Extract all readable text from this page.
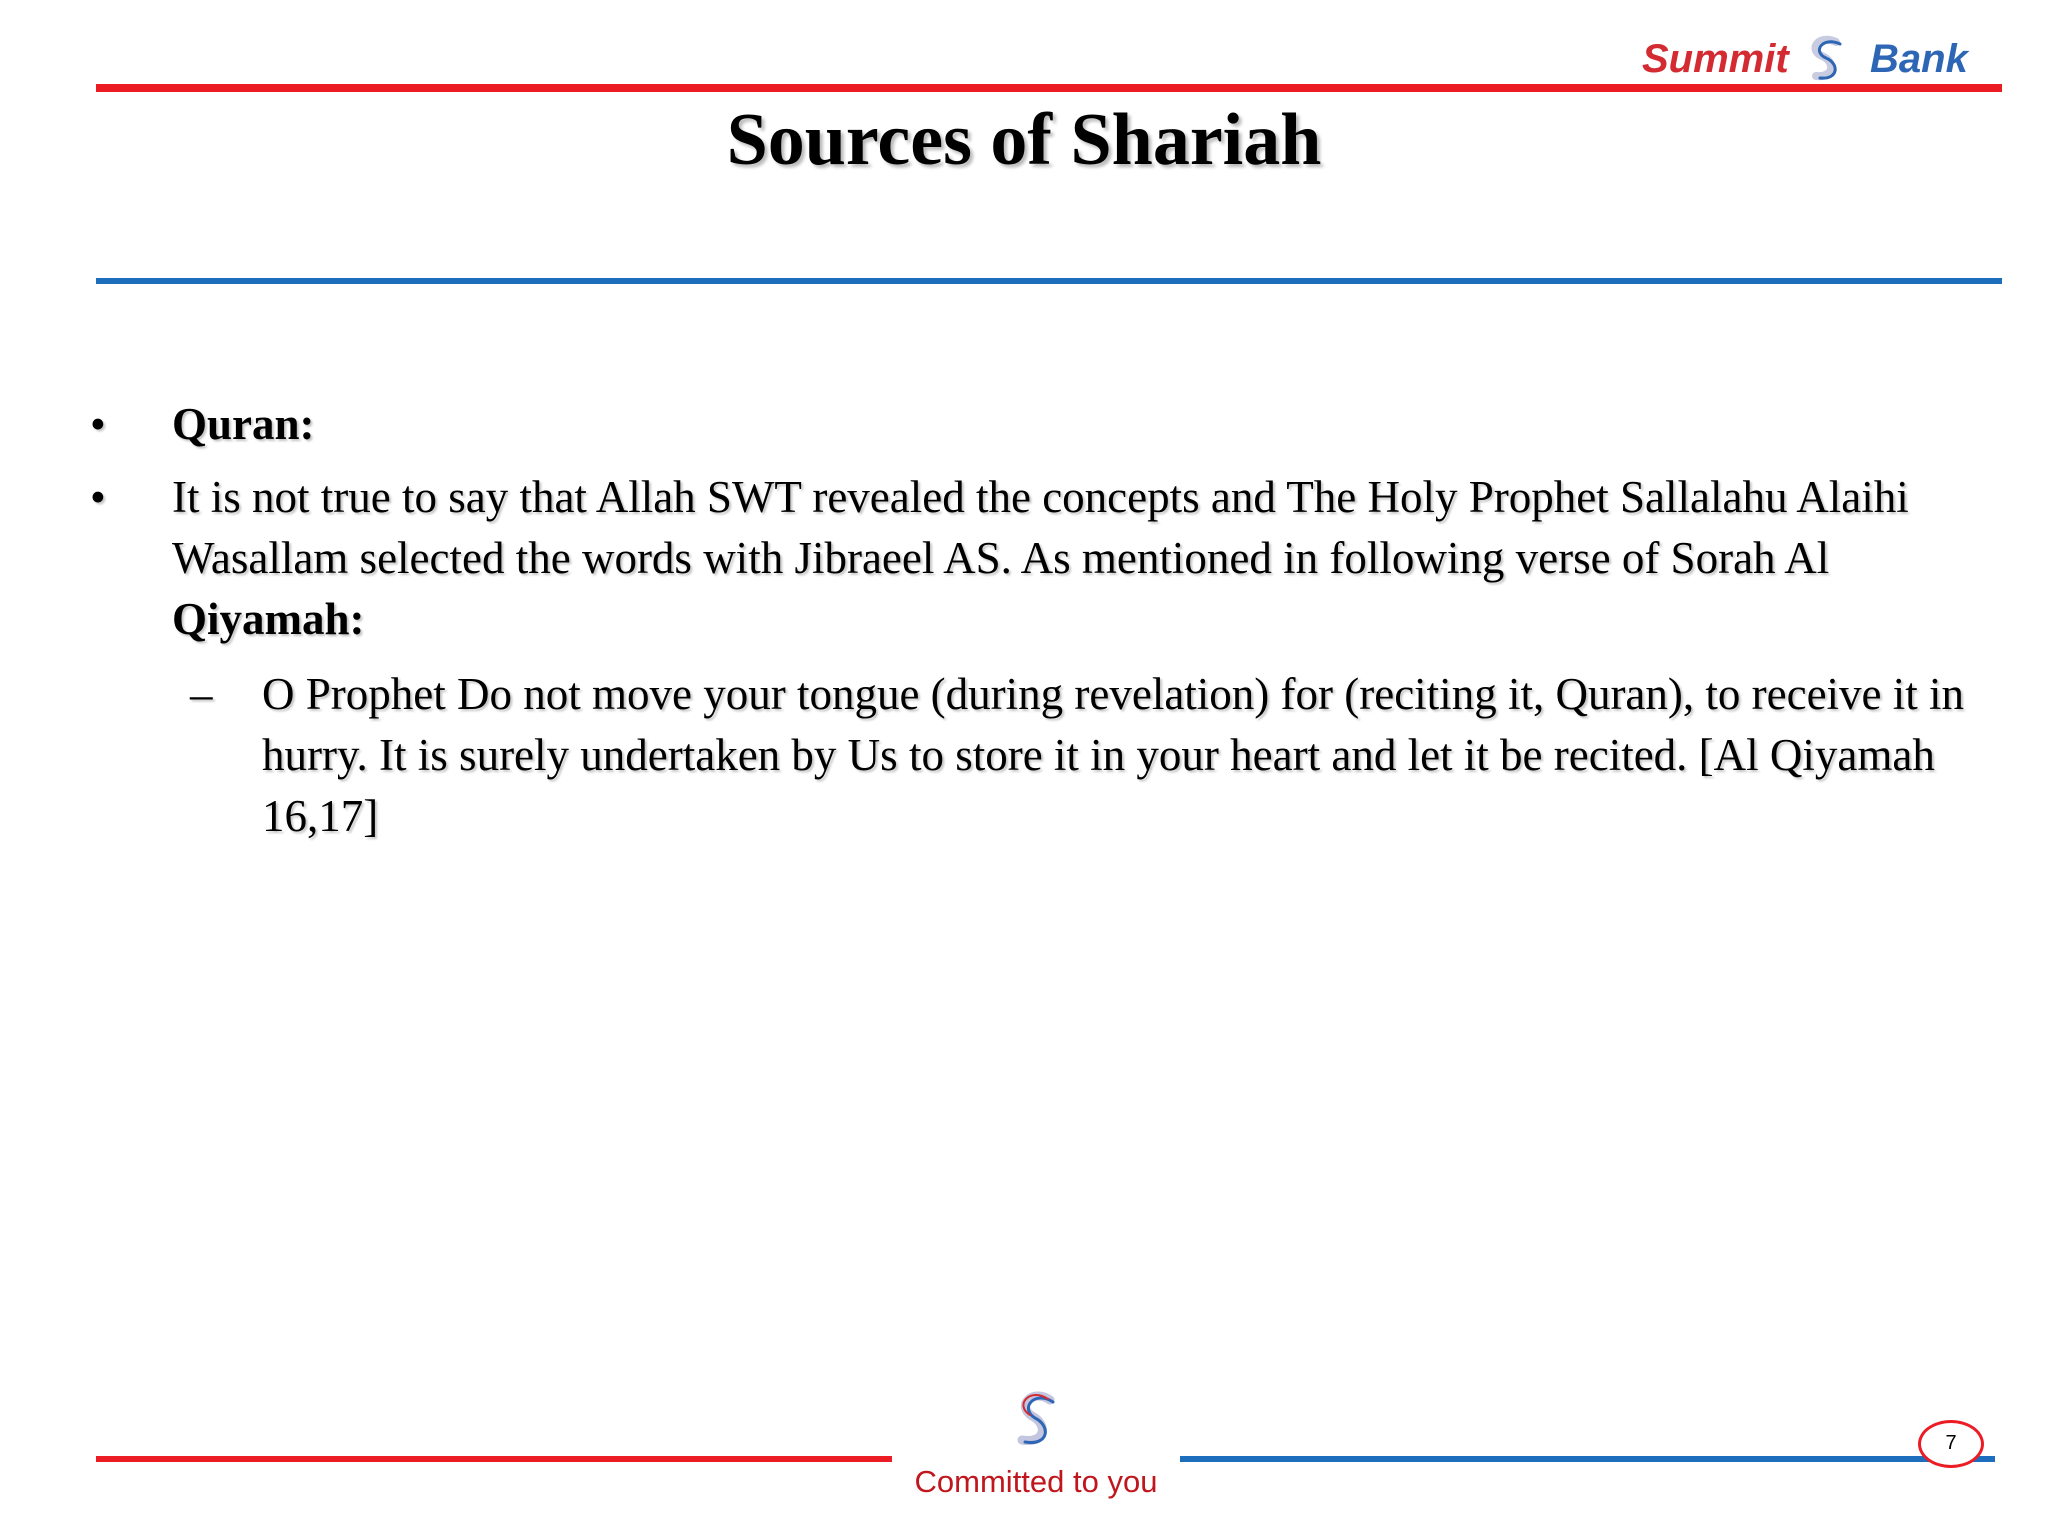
Summit Bank
Sources of Shariah
•	Quran:
•	It is not true to say that Allah SWT revealed the concepts and The Holy Prophet Sallalahu Alaihi Wasallam selected the words with Jibraeel AS. As mentioned in following verse of Sorah Al Qiyamah:
– O Prophet Do not move your tongue (during revelation) for (reciting it, Quran), to receive it in hurry. It is surely undertaken by Us to store it in your heart and let it be recited. [Al Qiyamah 16,17]
Committed to you
7
